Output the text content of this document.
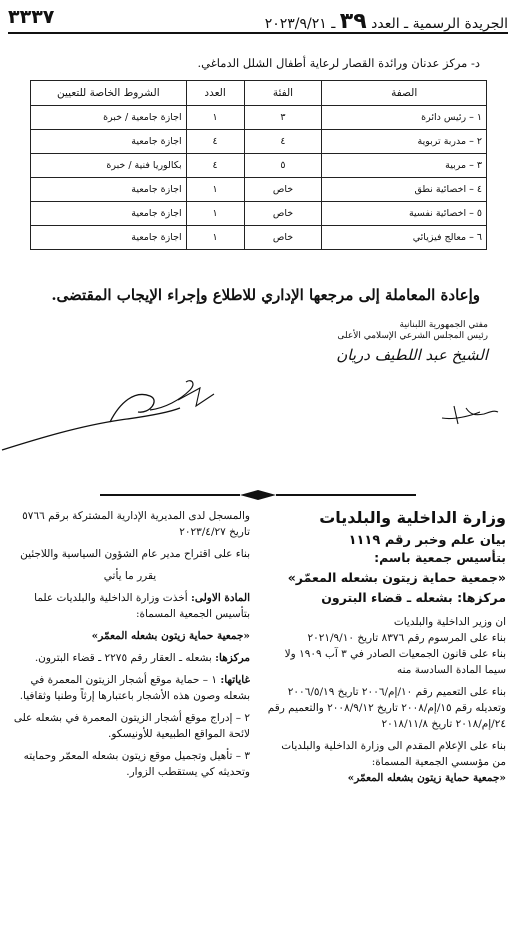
٣٣٣٧	الجريدة الرسمية ـ العدد ٣٩ ـ ٢٠٢٣/٩/٢١
د- مركز عدنان ورائدة القصار لرعاية أطفال الشلل الدماغي.
الصفة	الفئة	العدد	الشروط الخاصة للتعيين
١ – رئيس دائرة	٣	١	اجازة جامعية / خبرة
٢ – مدربة تربوية	٤	٤	اجازة جامعية
٣ – مربية	٥	٤	بكالوريا فنية / خبرة
٤ – اخصائية نطق	خاص	١	اجازة جامعية
٥ – اخصائية نفسية	خاص	١	اجازة جامعية
٦ – معالج فيزيائي	خاص	١	اجازة جامعية
وإعادة المعاملة إلى مرجعها الإداري للاطلاع وإجراء الإيجاب المقتضى.
مفتي الجمهورية اللبنانية
رئيس المجلس الشرعي الإسلامي الأعلى
الشيخ عبد اللطيف دريان
وزارة الداخلية والبلديات
بيان علم وخبر رقم ١١١٩
بتأسيس جمعية باسم:
«جمعية حماية زيتون بشعله المعمّر»
مركزها: بشعله ـ قضاء البترون

ان وزير الداخلية والبلديات

بناء على المرسوم رقم ٨٣٧٦ تاريخ ٢٠٢١/٩/١٠

بناء على قانون الجمعيات الصادر في ٣ آب ١٩٠٩ ولا سيما المادة السادسة منه

بناء على التعميم رقم ١٠/إم/٢٠٠٦ تاريخ ٢٠٠٦/٥/١٩ وتعديله رقم ١٥/إم/٢٠٠٨ تاريخ ٢٠٠٨/٩/١٢ والتعميم رقم ٢٤/إم/٢٠١٨ تاريخ ٢٠١٨/١١/٨

بناء على الإعلام المقدم الى وزارة الداخلية والبلديات من مؤسسي الجمعية المسماة:

«جمعية حماية زيتون بشعله المعمّر»

والمسجل لدى المديرية الإدارية المشتركة برقم ٥٧٦٦ تاريخ ٢٠٢٣/٤/٢٧

بناء على اقتراح مدير عام الشؤون السياسية واللاجئين

يقرر ما يأتي

المادة الاولى: أخذت وزارة الداخلية والبلديات علما بتأسيس الجمعية المسماة:

«جمعية حماية زيتون بشعله المعمّر»

مركزها: بشعله ـ العقار رقم ٢٢٧٥ ـ قضاء البترون.

غاياتها: ١ – حماية موقع أشجار الزيتون المعمرة في بشعله وصون هذه الأشجار باعتبارها إرثاً وطنيا وثقافيا.

٢ – إدراج موقع أشجار الزيتون المعمرة في بشعله على لائحة المواقع الطبيعية للأونيسكو.

٣ – تأهيل وتجميل موقع زيتون بشعله المعمّر وحمايته وتحديثه كي يستقطب الزوار.
